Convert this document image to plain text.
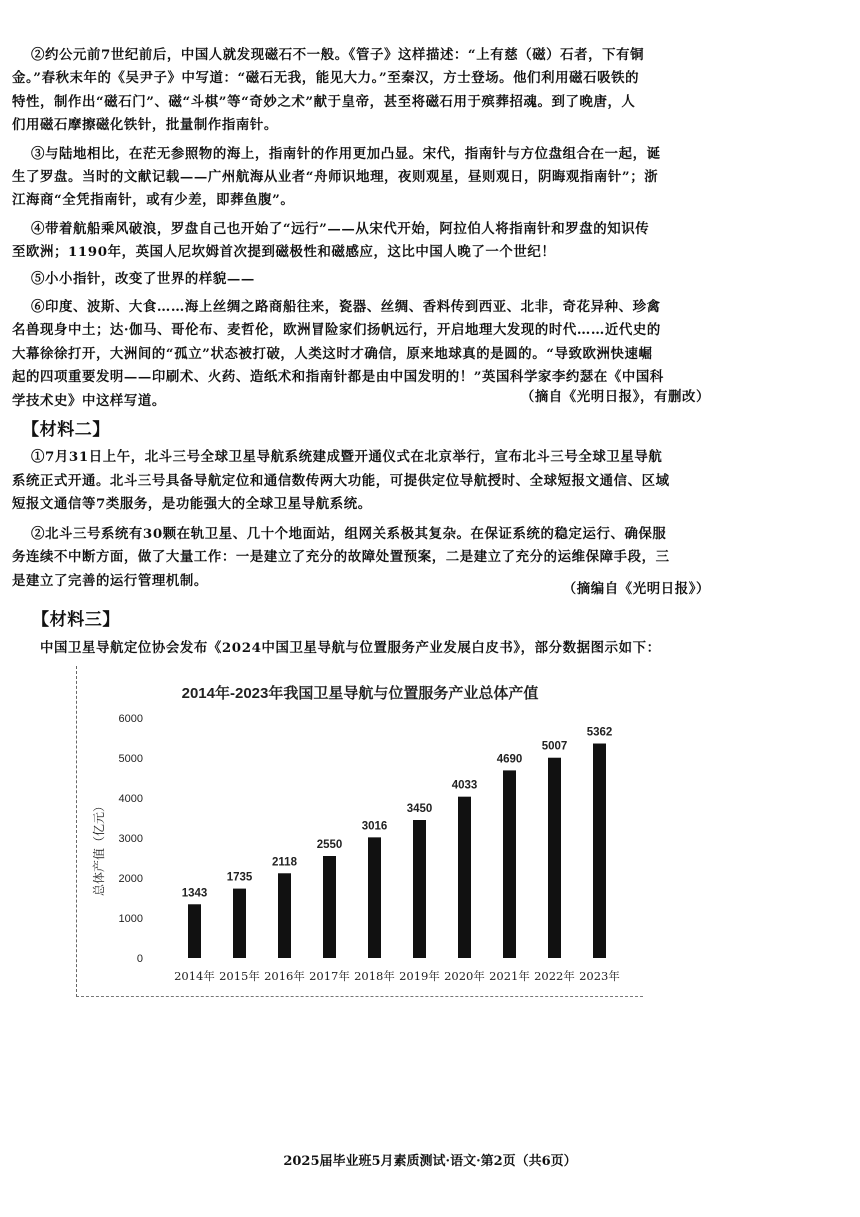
②约公元前7世纪前后，中国人就发现磁石不一般。《管子》这样描述：“上有慈（磁）石者，下有铜

金。”春秋末年的《吴尹子》中写道：“磁石无我，能见大力。”至秦汉，方士登场。他们利用磁石吸铁的

特性，制作出“磁石门”、磁“斗棋”等“奇妙之术”献于皇帝，甚至将磁石用于殡葬招魂。到了晚唐，人

们用磁石摩擦磁化铁针，批量制作指南针。

③与陆地相比，在茫无参照物的海上，指南针的作用更加凸显。宋代，指南针与方位盘组合在一起，诞

生了罗盘。当时的文献记载——广州航海从业者“舟师识地理，夜则观星，昼则观日，阴晦观指南针”；浙

江海商“全凭指南针，或有少差，即葬鱼腹”。

④带着航船乘风破浪，罗盘自己也开始了“远行”——从宋代开始，阿拉伯人将指南针和罗盘的知识传

至欧洲；1190年，英国人尼坎姆首次提到磁极性和磁感应，这比中国人晚了一个世纪！

⑤小小指针，改变了世界的样貌——

⑥印度、波斯、大食……海上丝绸之路商船往来，瓷器、丝绸、香料传到西亚、北非，奇花异种、珍禽

名兽现身中土；达·伽马、哥伦布、麦哲伦，欧洲冒险家们扬帆远行，开启地理大发现的时代……近代史的

大幕徐徐打开，大洲间的“孤立”状态被打破，人类这时才确信，原来地球真的是圆的。“导致欧洲快速崛

起的四项重要发明——印刷术、火药、造纸术和指南针都是由中国发明的！”英国科学家李约瑟在《中国科

学技术史》中这样写道。	（摘自《光明日报》，有删改）

【材料二】

①7月31日上午，北斗三号全球卫星导航系统建成暨开通仪式在北京举行，宣布北斗三号全球卫星导航

系统正式开通。北斗三号具备导航定位和通信数传两大功能，可提供定位导航授时、全球短报文通信、区域

短报文通信等7类服务，是功能强大的全球卫星导航系统。

②北斗三号系统有30颗在轨卫星、几十个地面站，组网关系极其复杂。在保证系统的稳定运行、确保服

务连续不中断方面，做了大量工作：一是建立了充分的故障处置预案，二是建立了充分的运维保障手段，三

是建立了完善的运行管理机制。	（摘编自《光明日报》）

【材料三】

中国卫星导航定位协会发布《2024中国卫星导航与位置服务产业发展白皮书》，部分数据图示如下：

2014年-2023年我国卫星导航与位置服务产业总体产值
总体产值（亿元）
0
1000
2000
3000
4000
5000
6000
1343
1735
2118
2550
3016
3450
4033
4690
5007
5362
2014年 2015年 2016年 2017年 2018年 2019年 2020年 2021年 2022年 2023年
2025届毕业班5月素质测试·语文·第2页（共6页）
